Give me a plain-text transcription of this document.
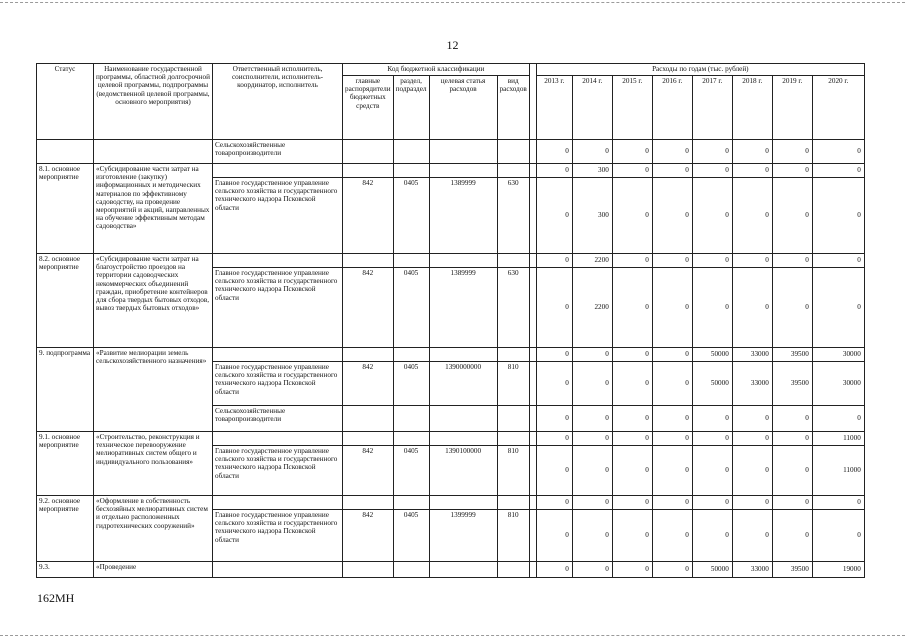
12
Статус	Наименование государственной программы, областной долгосрочной целевой программы, подпрограммы (ведомственной целевой программы, основного мероприятия)	Ответственный исполнитель, соисполнители, исполнитель-координатор, исполнитель	Код бюджетной классификации					Расходы по годам (тыс. рублей)							
			главные распорядители бюджетных средств	раздел, подраздел	целевая статья расходов	вид расходов		2013 г.	2014 г.	2015 г.	2016 г.	2017 г.	2018 г.	2019 г.	2020 г.
		Сельскохозяйственные товаропроизводители						0	0	0	0	0	0	0	0
8.1. основное мероприятие	«Субсидирование части затрат на изготовление (закупку) информационных и методических материалов по эффективному садоводству, на проведение мероприятий и акций, направленных на обучение эффективным методам садоводства»							0	300	0	0	0	0	0	0
		Главное государственное управление сельского хозяйства и государственного технического надзора Псковской области	842	0405	1389999	630		0	300	0	0	0	0	0	0
8.2. основное мероприятие	«Субсидирование части затрат на благоустройство проездов на территории садоводческих некоммерческих объединений граждан, приобретение контейнеров для сбора твердых бытовых отходов, вывоз твердых бытовых отходов»							0	2200	0	0	0	0	0	0
		Главное государственное управление сельского хозяйства и государственного технического надзора Псковской области	842	0405	1389999	630		0	2200	0	0	0	0	0	0
9. подпрограмма	«Развитие мелиорации земель сельскохозяйственного назначения»							0	0	0	0	50000	33000	39500	30000
		Главное государственное управление сельского хозяйства и государственного технического надзора Псковской области	842	0405	1390000000	810		0	0	0	0	50000	33000	39500	30000
		Сельскохозяйственные товаропроизводители						0	0	0	0	0	0	0	0
9.1. основное мероприятие	«Строительство, реконструкция и техническое перевооружение мелиоративных систем общего и индивидуального пользования»							0	0	0	0	0	0	0	11000
		Главное государственное управление сельского хозяйства и государственного технического надзора Псковской области	842	0405	1390100000	810		0	0	0	0	0	0	0	11000
9.2. основное мероприятие	«Оформление в собственность бесхозяйных мелиоративных систем и отдельно расположенных гидротехнических сооружений»							0	0	0	0	0	0	0	0
		Главное государственное управление сельского хозяйства и государственного технического надзора Псковской области	842	0405	1399999	810		0	0	0	0	0	0	0	0
9.3.	«Проведение							0	0	0	0	50000	33000	39500	19000
162МН
